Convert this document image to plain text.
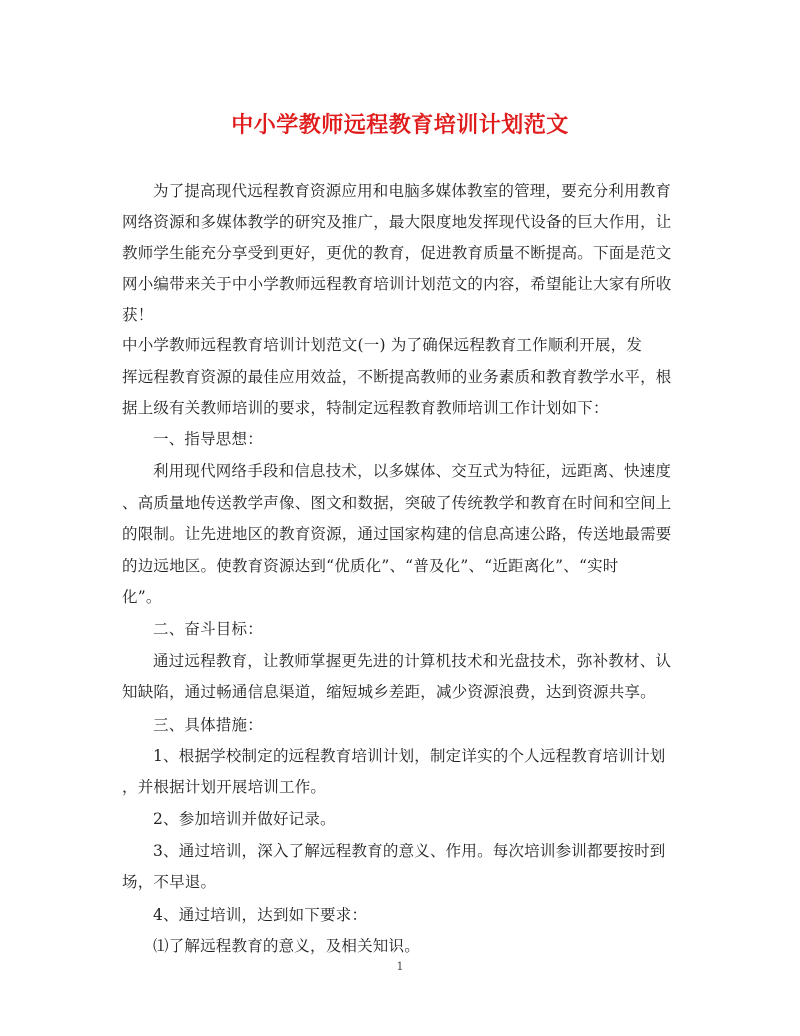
中小学教师远程教育培训计划范文
为了提高现代远程教育资源应用和电脑多媒体教室的管理，要充分利用教育
网络资源和多媒体教学的研究及推广，最大限度地发挥现代设备的巨大作用，让
教师学生能充分享受到更好，更优的教育，促进教育质量不断提高。下面是范文
网小编带来关于中小学教师远程教育培训计划范文的内容，希望能让大家有所收
获！
中小学教师远程教育培训计划范文(一) 为了确保远程教育工作顺利开展，发
挥远程教育资源的最佳应用效益，不断提高教师的业务素质和教育教学水平，根
据上级有关教师培训的要求，特制定远程教育教师培训工作计划如下：
一、指导思想：
利用现代网络手段和信息技术，以多媒体、交互式为特征，远距离、快速度
、高质量地传送教学声像、图文和数据，突破了传统教学和教育在时间和空间上
的限制。让先进地区的教育资源，通过国家构建的信息高速公路，传送地最需要
的边远地区。使教育资源达到“优质化”、“普及化”、“近距离化”、“实时
化”。
二、奋斗目标：
通过远程教育，让教师掌握更先进的计算机技术和光盘技术，弥补教材、认
知缺陷，通过畅通信息渠道，缩短城乡差距，减少资源浪费，达到资源共享。
三、具体措施：
1、根据学校制定的远程教育培训计划，制定详实的个人远程教育培训计划
，并根据计划开展培训工作。
2、参加培训并做好记录。
3、通过培训，深入了解远程教育的意义、作用。每次培训参训都要按时到
场，不早退。
4、通过培训，达到如下要求：
⑴了解远程教育的意义，及相关知识。
1
